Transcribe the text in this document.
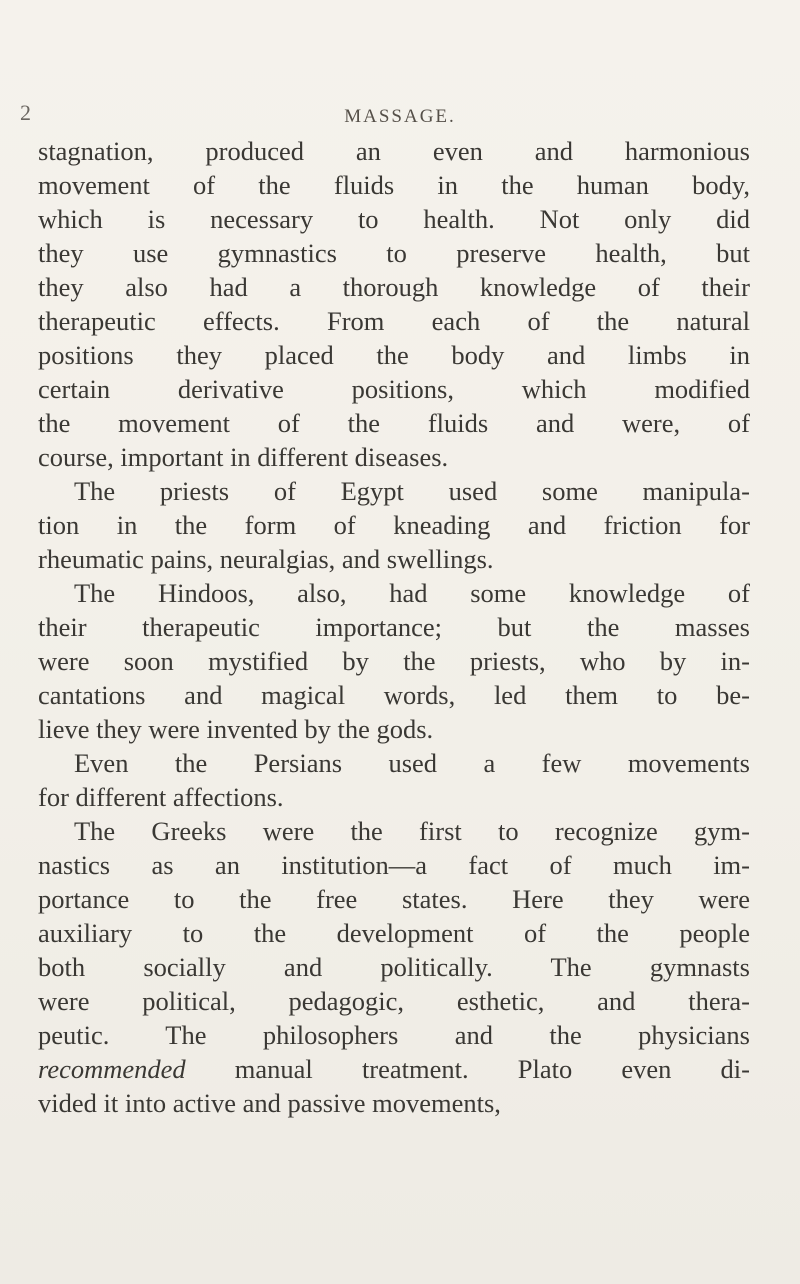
2	MASSAGE.
stagnation, produced an even and harmonious
movement of the fluids in the human body,
which is necessary to health. Not only did
they use gymnastics to preserve health, but
they also had a thorough knowledge of their
therapeutic effects. From each of the natural
positions they placed the body and limbs in
certain derivative positions, which modified
the movement of the fluids and were, of
course, important in different diseases.
The priests of Egypt used some manipula-
tion in the form of kneading and friction for
rheumatic pains, neuralgias, and swellings.
The Hindoos, also, had some knowledge of
their therapeutic importance; but the masses
were soon mystified by the priests, who by in-
cantations and magical words, led them to be-
lieve they were invented by the gods.
Even the Persians used a few movements
for different affections.
The Greeks were the first to recognize gym-
nastics as an institution—a fact of much im-
portance to the free states. Here they were
auxiliary to the development of the people
both socially and politically. The gymnasts
were political, pedagogic, esthetic, and thera-
peutic. The philosophers and the physicians
recommended manual treatment. Plato even di-
vided it into active and passive movements,
